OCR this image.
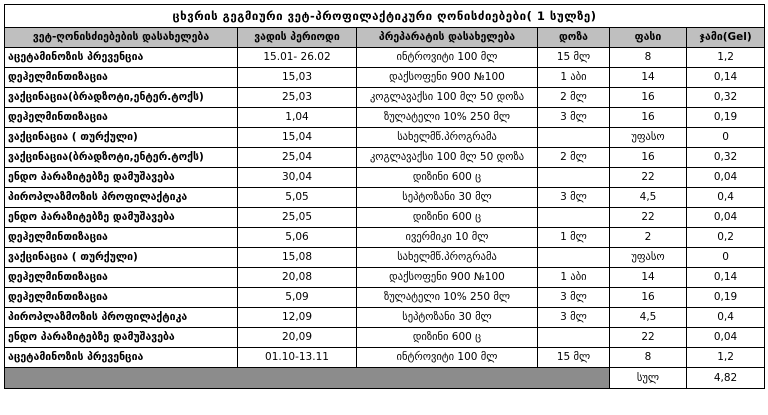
ცხვრის გეგმიური ვეტ-პროფილაქტიკური ღონისძიებები( 1 სულზე)					
ვეტ-ღონისძიებების დასახელება	ვადის პერიოდი	პრეპარატის დასახელება	დოზა	ფასი	ჯამი(Gel)
აცეტამინოზის პრევენცია	15.01- 26.02	ინტროვიტი 100 მლ	15 მლ	8	1,2
დეჰელმინთიზაცია	15,03	დაქსოფენი 900 №100	1 აბი	14	0,14
ვაქცინაცია(ბრადზოტი,ენტერ.ტოქს)	25,03	კოგლავაქსი 100 მლ 50 დოზა	2 მლ	16	0,32
დეჰელმინთიზაცია	1,04	ზულატელი 10% 250 მლ	3 მლ	16	0,19
ვაქცინაცია ( თურქული)	15,04	სახელმწ.პროგრამა		უფასო	0
ვაქცინაცია(ბრადზოტი,ენტერ.ტოქს)	25,04	კოგლავაქსი 100 მლ 50 დოზა	2 მლ	16	0,32
ენდო პარაზიტებზე დამუშავება	30,04	დიზინი 600 ც		22	0,04
პიროპლაზმოზის პროფილაქტიკა	5,05	სეპტოზანი 30 მლ	3 მლ	4,5	0,4
ენდო პარაზიტებზე დამუშავება	25,05	დიზინი 600 ც		22	0,04
დეჰელმინთიზაცია	5,06	ივერმიკი 10 მლ	1 მლ	2	0,2
ვაქცინაცია ( თურქული)	15,08	სახელმწ.პროგრამა		უფასო	0
დეჰელმინთიზაცია	20,08	დაქსოფენი 900 №100	1 აბი	14	0,14
დეჰელმინთიზაცია	5,09	ზულატელი 10% 250 მლ	3 მლ	16	0,19
პიროპლაზმოზის პროფილაქტიკა	12,09	სეპტოზანი 30 მლ	3 მლ	4,5	0,4
ენდო პარაზიტებზე დამუშავება	20,09	დიზინი 600 ც		22	0,04
აცეტამინოზის პრევენცია	01.10-13.11	ინტროვიტი 100 მლ	15 მლ	8	1,2
				სულ	4,82
